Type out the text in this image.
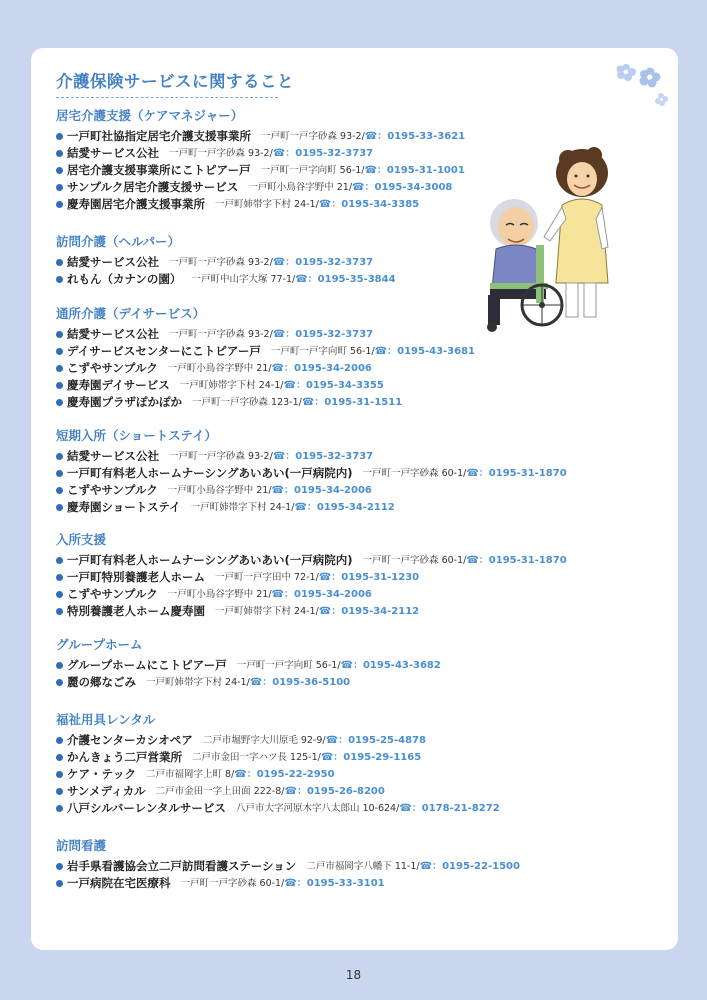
介護保険サービスに関すること
居宅介護支援（ケアマネジャー）
一戸町社協指定居宅介護支援事業所 一戸町一戸字砂森 93-2/ ☎：0195-33-3621
結愛サービス公社 一戸町一戸字砂森 93-2/ ☎：0195-32-3737
居宅介護支援事業所にこトピアー戸 一戸町一戸字向町 56-1/ ☎：0195-31-1001
サンプルク居宅介護支援サービス 一戸町小鳥谷字野中 21/ ☎：0195-34-3008
慶寿園居宅介護支援事業所 一戸町姉帯字下村 24-1/ ☎：0195-34-3385
訪問介護（ヘルパー）
結愛サービス公社 一戸町一戸字砂森 93-2/ ☎：0195-32-3737
れもん（カナンの園） 一戸町中山字大塚 77-1/ ☎：0195-35-3844
通所介護（デイサービス）
結愛サービス公社 一戸町一戸字砂森 93-2/ ☎：0195-32-3737
デイサービスセンターにこトピアー戸 一戸町一戸字向町 56-1/ ☎：0195-43-3681
こずやサンプルク 一戸町小鳥谷字野中 21/ ☎：0195-34-2006
慶寿園デイサービス 一戸町姉帯字下村 24-1/ ☎：0195-34-3355
慶寿園プラザぽかぽか 一戸町一戸字砂森 123-1/ ☎：0195-31-1511
短期入所（ショートステイ）
結愛サービス公社 一戸町一戸字砂森 93-2/ ☎：0195-32-3737
一戸町有料老人ホームナーシングあいあい(一戸病院内) 一戸町一戸字砂森 60-1/ ☎：0195-31-1870
こずやサンプルク 一戸町小鳥谷字野中 21/ ☎：0195-34-2006
慶寿園ショートステイ 一戸町姉帯字下村 24-1/ ☎：0195-34-2112
入所支援
一戸町有料老人ホームナーシングあいあい(一戸病院内) 一戸町一戸字砂森 60-1/ ☎：0195-31-1870
一戸町特別養護老人ホーム 一戸町一戸字田中 72-1/ ☎：0195-31-1230
こずやサンプルク 一戸町小鳥谷字野中 21/ ☎：0195-34-2006
特別養護老人ホーム慶寿園 一戸町姉帯字下村 24-1/ ☎：0195-34-2112
グループホーム
グループホームにこトピアー戸 一戸町一戸字向町 56-1/ ☎：0195-43-3682
麗の郷なごみ 一戸町姉帯字下村 24-1/ ☎：0195-36-5100
福祉用具レンタル
介護センターカシオペア 二戸市堀野字大川原毛 92-9/ ☎：0195-25-4878
かんきょう二戸営業所 二戸市金田一字ハツ長 125-1/ ☎：0195-29-1165
ケア・テック 二戸市福岡字上町 8/ ☎：0195-22-2950
サンメディカル 二戸市金田一字上田面 222-8/ ☎：0195-26-8200
八戸シルバーレンタルサービス 八戸市大字河原木字八太郎山 10-624/ ☎：0178-21-8272
訪問看護
岩手県看護協会立二戸訪問看護ステーション 二戸市福岡字八幡下 11-1/ ☎：0195-22-1500
一戸病院在宅医療科 一戸町一戸字砂森 60-1/ ☎：0195-33-3101
18
